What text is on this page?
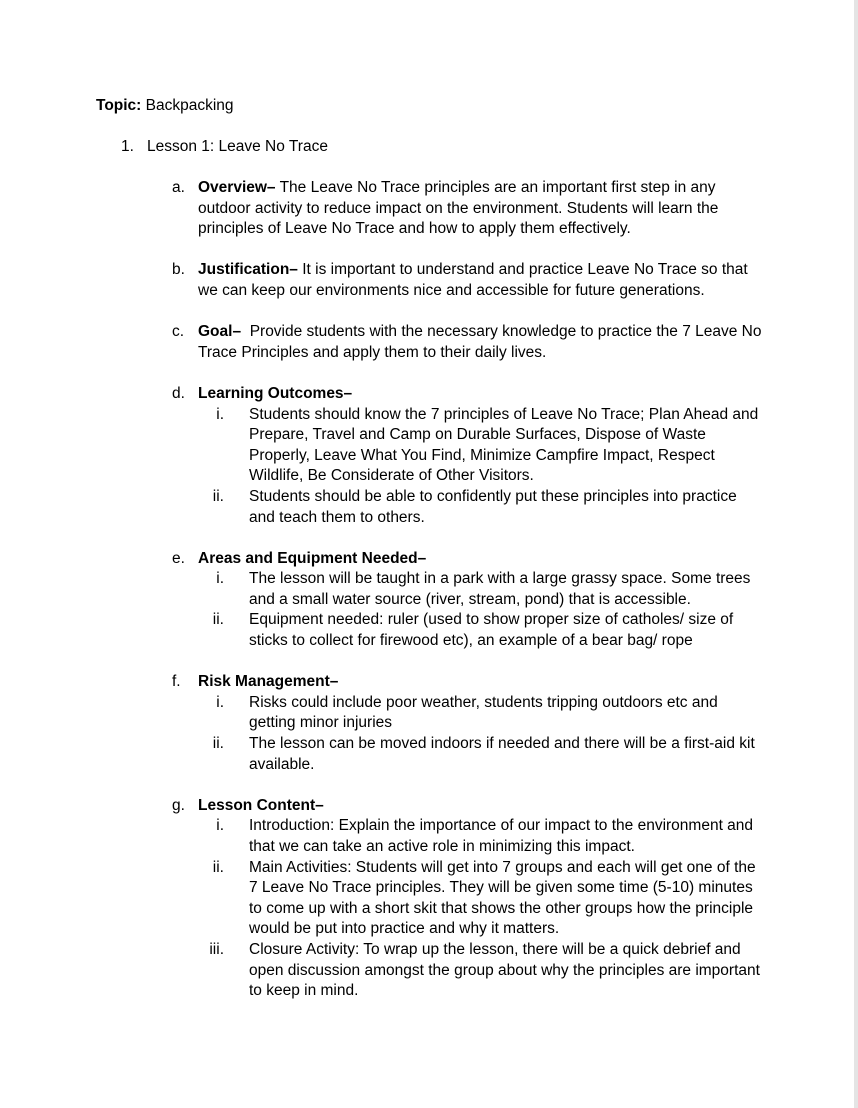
Topic: Backpacking
1. Lesson 1: Leave No Trace
a. Overview– The Leave No Trace principles are an important first step in any outdoor activity to reduce impact on the environment. Students will learn the principles of Leave No Trace and how to apply them effectively.
b. Justification– It is important to understand and practice Leave No Trace so that we can keep our environments nice and accessible for future generations.
c. Goal–  Provide students with the necessary knowledge to practice the 7 Leave No Trace Principles and apply them to their daily lives.
d. Learning Outcomes–
i.	Students should know the 7 principles of Leave No Trace; Plan Ahead and Prepare, Travel and Camp on Durable Surfaces, Dispose of Waste Properly, Leave What You Find, Minimize Campfire Impact, Respect Wildlife, Be Considerate of Other Visitors.
ii.	Students should be able to confidently put these principles into practice and teach them to others.
e. Areas and Equipment Needed–
i.	The lesson will be taught in a park with a large grassy space. Some trees and a small water source (river, stream, pond) that is accessible.
ii.	Equipment needed: ruler (used to show proper size of catholes/ size of sticks to collect for firewood etc), an example of a bear bag/ rope
f. Risk Management–
i.	Risks could include poor weather, students tripping outdoors etc and getting minor injuries
ii.	The lesson can be moved indoors if needed and there will be a first-aid kit available.
g. Lesson Content–
i.	Introduction: Explain the importance of our impact to the environment and that we can take an active role in minimizing this impact.
ii.	Main Activities: Students will get into 7 groups and each will get one of the 7 Leave No Trace principles. They will be given some time (5-10) minutes to come up with a short skit that shows the other groups how the principle would be put into practice and why it matters.
iii.	Closure Activity: To wrap up the lesson, there will be a quick debrief and open discussion amongst the group about why the principles are important to keep in mind.
